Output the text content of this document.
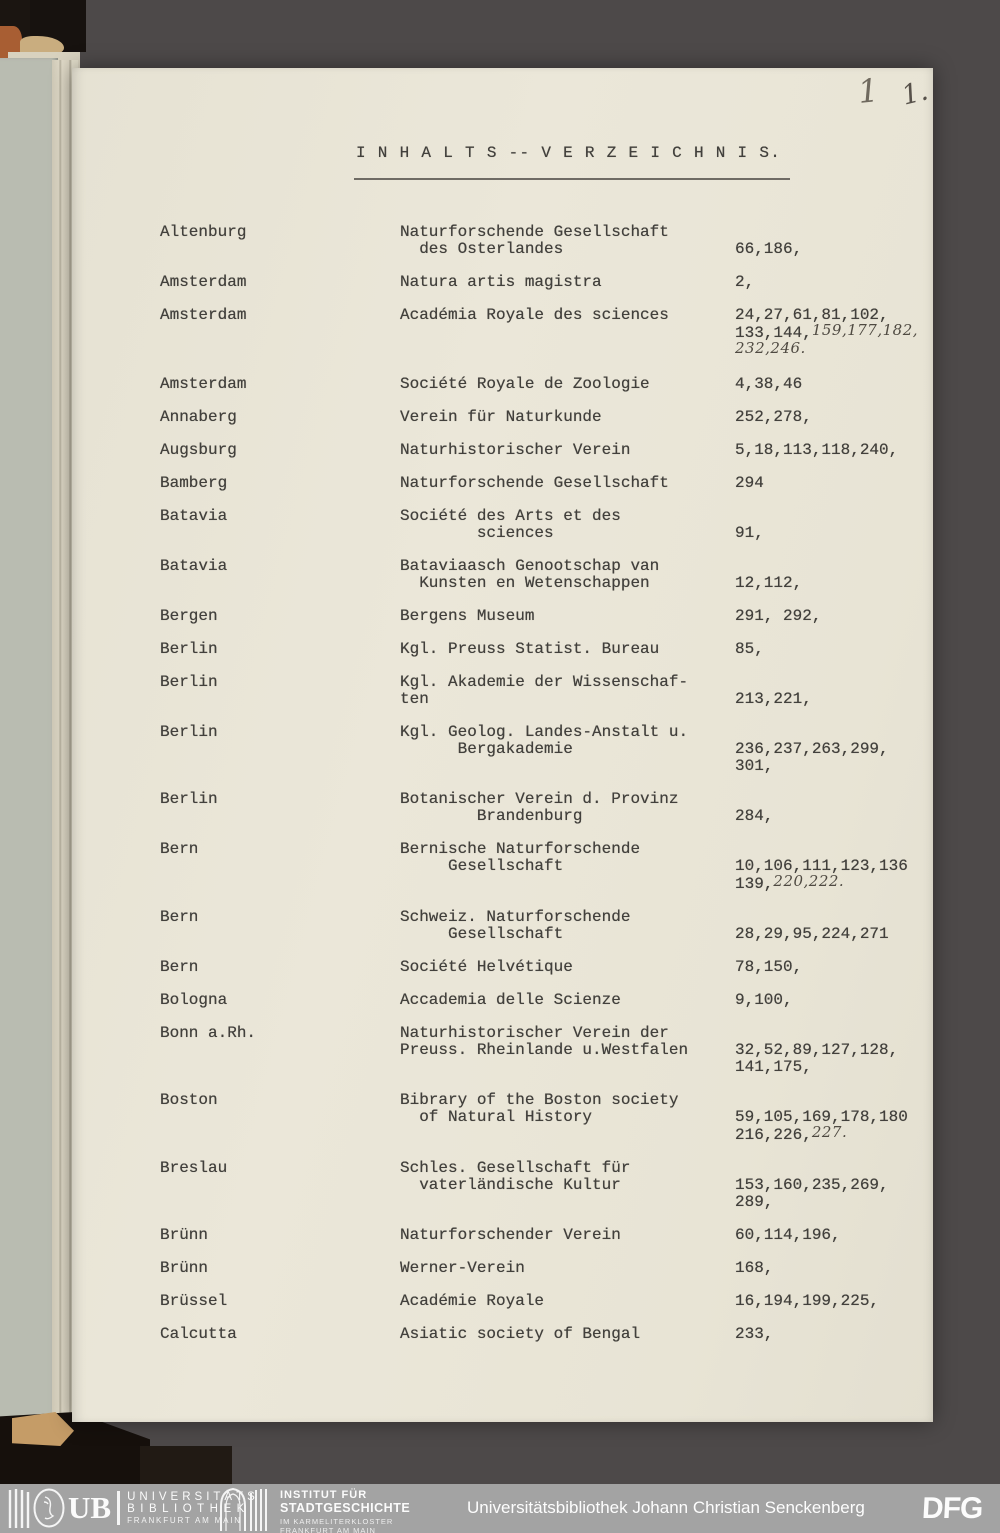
1 1.
I N H A L T S -- V E R Z E I C H N I S.
Altenburg	Naturforschende Gesellschaft
des Osterlandes	66,186,
Amsterdam	Natura artis magistra	2,
Amsterdam	Académia Royale des sciences	24,27,61,81,102,
133,144,159,177,182,
232,246.
Amsterdam	Société Royale de Zoologie	4,38,46
Annaberg	Verein für Naturkunde	252,278,
Augsburg	Naturhistorischer Verein	5,18,113,118,240,
Bamberg	Naturforschende Gesellschaft	294
Batavia	Société des Arts et des
sciences	91,
Batavia	Bataviaasch Genootschap van
Kunsten en Wetenschappen	12,112,
Bergen	Bergens Museum	291, 292,
Berlin	Kgl. Preuss Statist. Bureau	85,
Berlin	Kgl. Akademie der Wissenschaf-
ten	213,221,
Berlin	Kgl. Geolog. Landes-Anstalt u.
Bergakademie	236,237,263,299,
301,
Berlin	Botanischer Verein d. Provinz
Brandenburg	284,
Bern	Bernische Naturforschende
Gesellschaft	10,106,111,123,136
139,220,222.
Bern	Schweiz. Naturforschende
Gesellschaft	28,29,95,224,271
Bern	Société Helvétique	78,150,
Bologna	Accademia delle Scienze	9,100,
Bonn a.Rh.	Naturhistorischer Verein der
Preuss. Rheinlande u.Westfalen	32,52,89,127,128,
141,175,
Boston	Bibrary of the Boston society
of Natural History	59,105,169,178,180
216,226,227.
Breslau	Schles. Gesellschaft für
vaterländische Kultur	153,160,235,269,
289,
Brünn	Naturforschender Verein	60,114,196,
Brünn	Werner-Verein	168,
Brüssel	Académie Royale	16,194,199,225,
Calcutta	Asiatic society of Bengal	233,
UB UNIVERSITÄTS
BIBLIOTHEK
FRANKFURT AM MAIN
INSTITUT FÜR
STADTGESCHICHTE
IM KARMELITERKLOSTER
FRANKFURT AM MAIN
Universitätsbibliothek Johann Christian Senckenberg DFG
